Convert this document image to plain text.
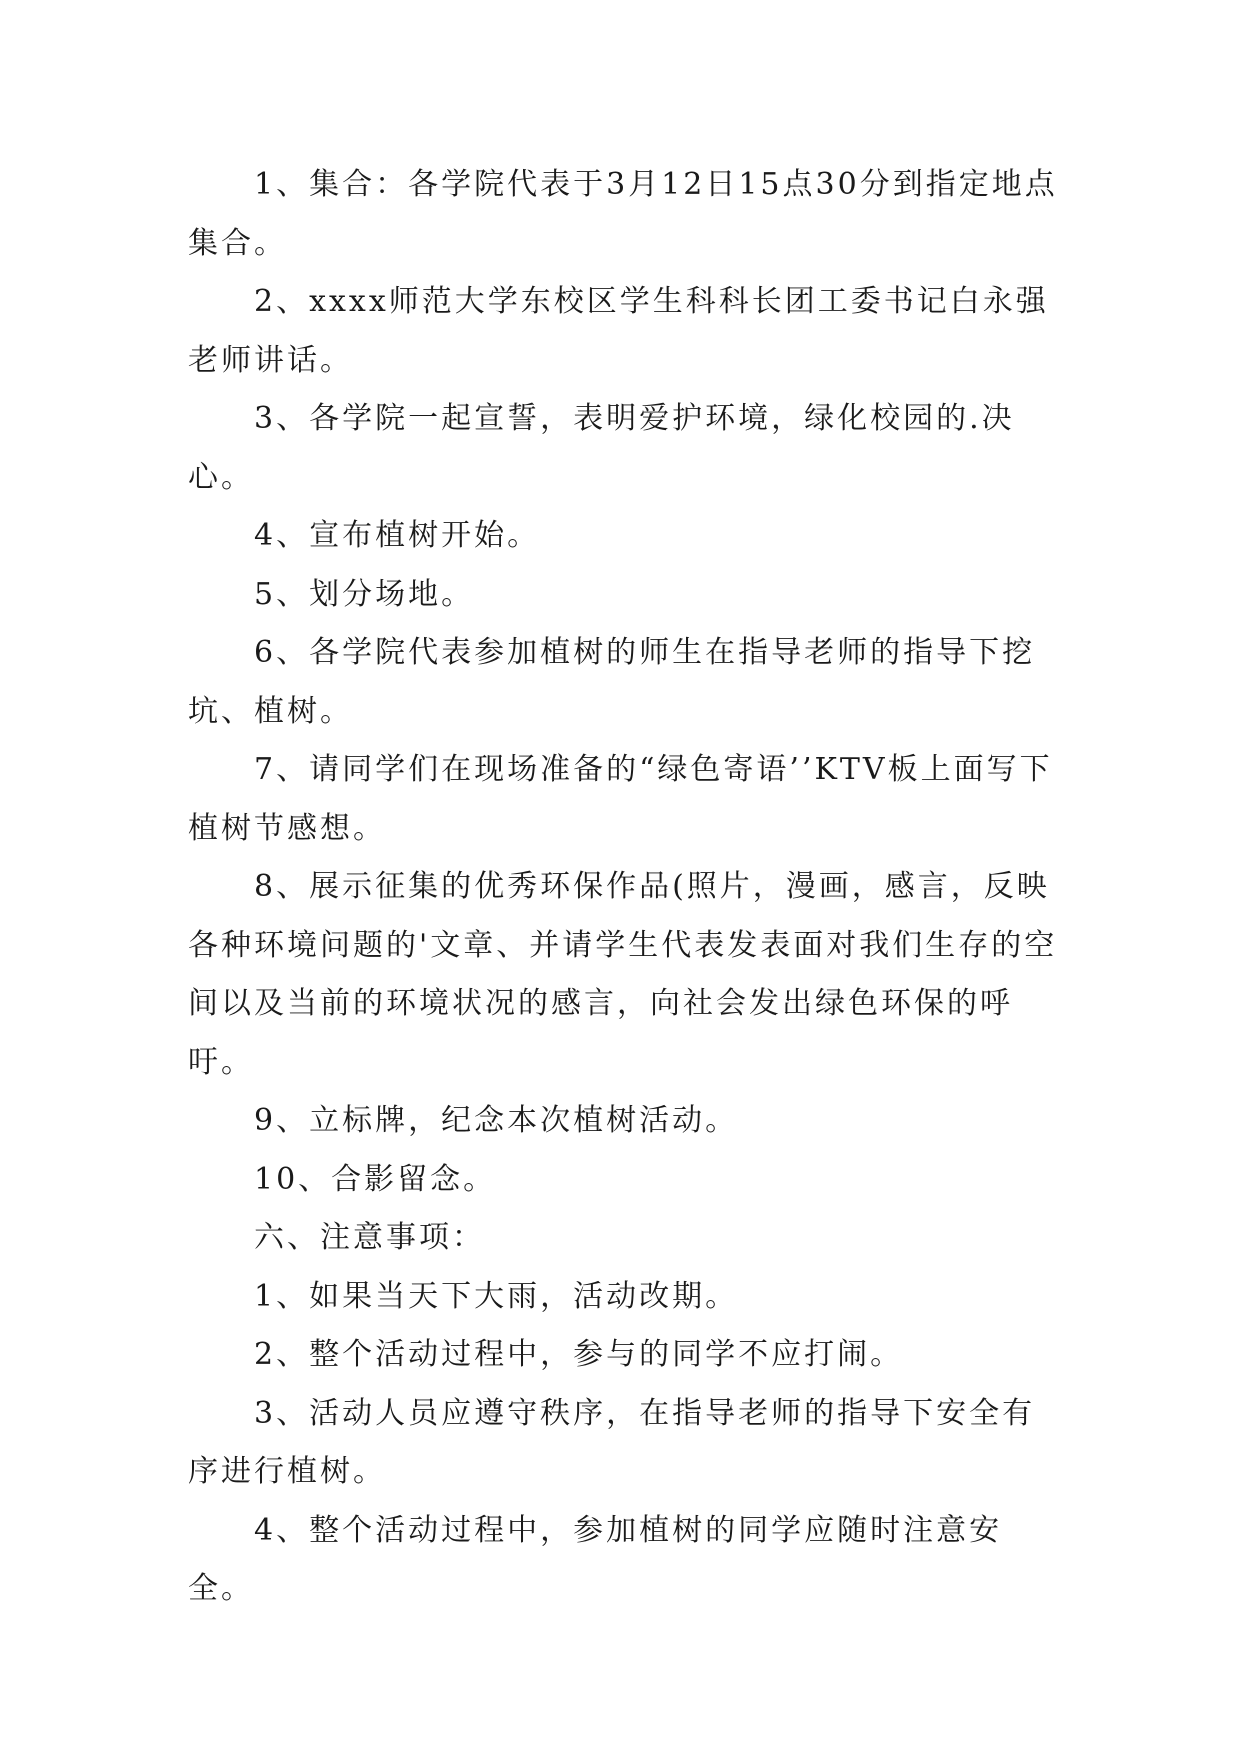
1、集合：各学院代表于3月12日15点30分到指定地点集合。

2、xxxx师范大学东校区学生科科长团工委书记白永强老师讲话。

3、各学院一起宣誓，表明爱护环境，绿化校园的.决心。

4、宣布植树开始。

5、划分场地。

6、各学院代表参加植树的师生在指导老师的指导下挖坑、植树。

7、请同学们在现场准备的“绿色寄语’’KTV板上面写下植树节感想。

8、展示征集的优秀环保作品(照片，漫画，感言，反映各种环境问题的'文章、并请学生代表发表面对我们生存的空间以及当前的环境状况的感言，向社会发出绿色环保的呼吁。

9、立标牌，纪念本次植树活动。

10、合影留念。

六、注意事项：

1、如果当天下大雨，活动改期。

2、整个活动过程中，参与的同学不应打闹。

3、活动人员应遵守秩序，在指导老师的指导下安全有序进行植树。

4、整个活动过程中，参加植树的同学应随时注意安全。
